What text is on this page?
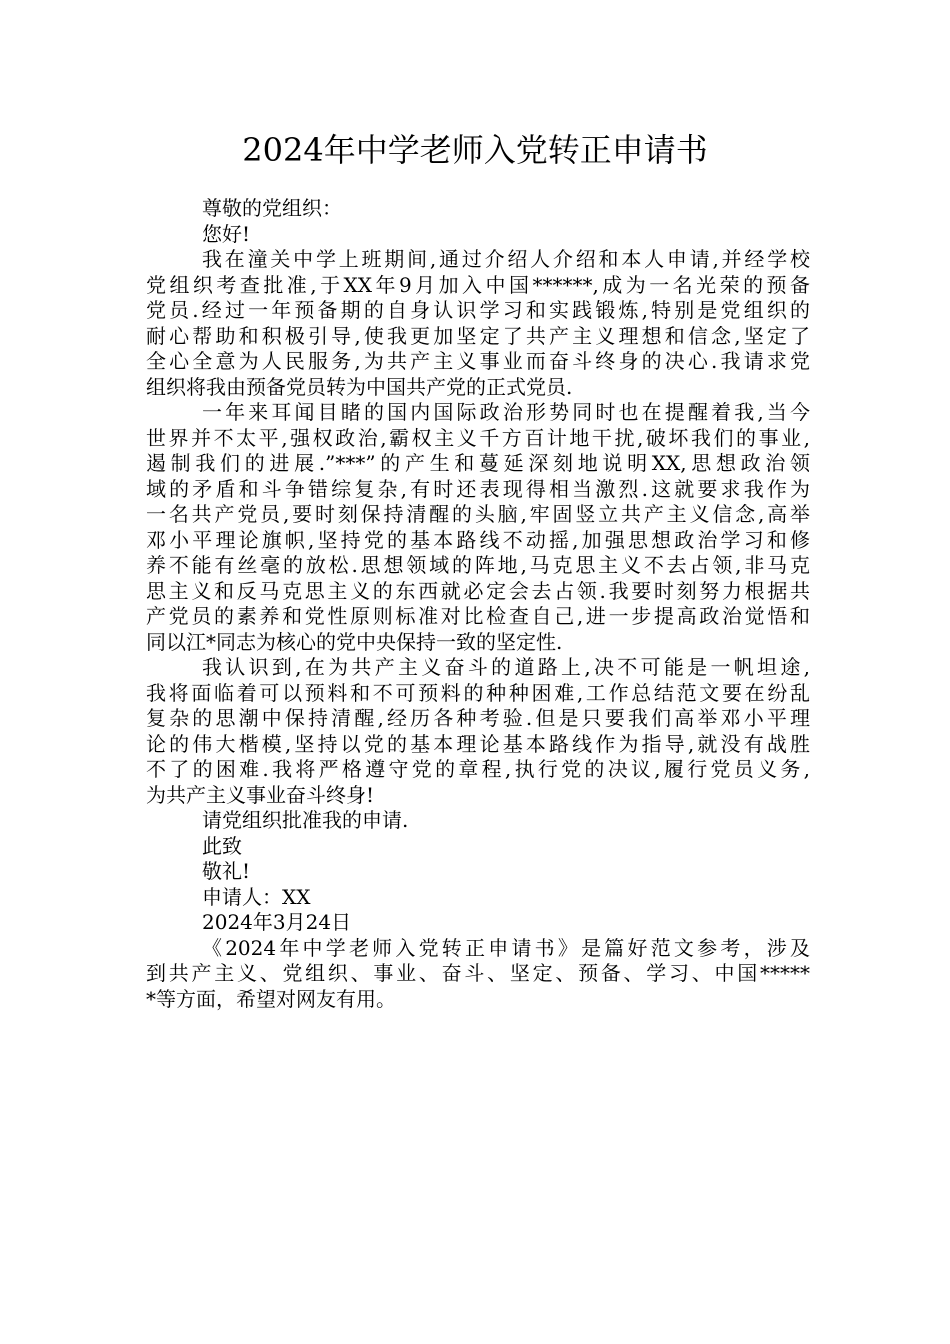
2024年中学老师入党转正申请书
尊敬的党组织：
您好!
我在潼关中学上班期间,通过介绍人介绍和本人申请,并经学校
党组织考查批准,于XX年9月加入中国******,成为一名光荣的预备
党员.经过一年预备期的自身认识学习和实践锻炼,特别是党组织的
耐心帮助和积极引导,使我更加坚定了共产主义理想和信念,坚定了
全心全意为人民服务,为共产主义事业而奋斗终身的决心.我请求党
组织将我由预备党员转为中国共产党的正式党员.
一年来耳闻目睹的国内国际政治形势同时也在提醒着我,当今
世界并不太平,强权政治,霸权主义千方百计地干扰,破坏我们的事业,
遏制我们的进展.”***”的产生和蔓延深刻地说明XX,思想政治领
域的矛盾和斗争错综复杂,有时还表现得相当激烈.这就要求我作为
一名共产党员,要时刻保持清醒的头脑,牢固竖立共产主义信念,高举
邓小平理论旗帜,坚持党的基本路线不动摇,加强思想政治学习和修
养不能有丝毫的放松.思想领域的阵地,马克思主义不去占领,非马克
思主义和反马克思主义的东西就必定会去占领.我要时刻努力根据共
产党员的素养和党性原则标准对比检查自己,进一步提高政治觉悟和
同以江*同志为核心的党中央保持一致的坚定性.
我认识到,在为共产主义奋斗的道路上,决不可能是一帆坦途,
我将面临着可以预料和不可预料的种种困难,工作总结范文要在纷乱
复杂的思潮中保持清醒,经历各种考验.但是只要我们高举邓小平理
论的伟大楷模,坚持以党的基本理论基本路线作为指导,就没有战胜
不了的困难.我将严格遵守党的章程,执行党的决议,履行党员义务,
为共产主义事业奋斗终身!
请党组织批准我的申请.
此致
敬礼!
申请人：XX
2024年3月24日
《2024年中学老师入党转正申请书》是篇好范文参考，涉及
到共产主义、党组织、事业、奋斗、坚定、预备、学习、中国*****
*等方面，希望对网友有用。
